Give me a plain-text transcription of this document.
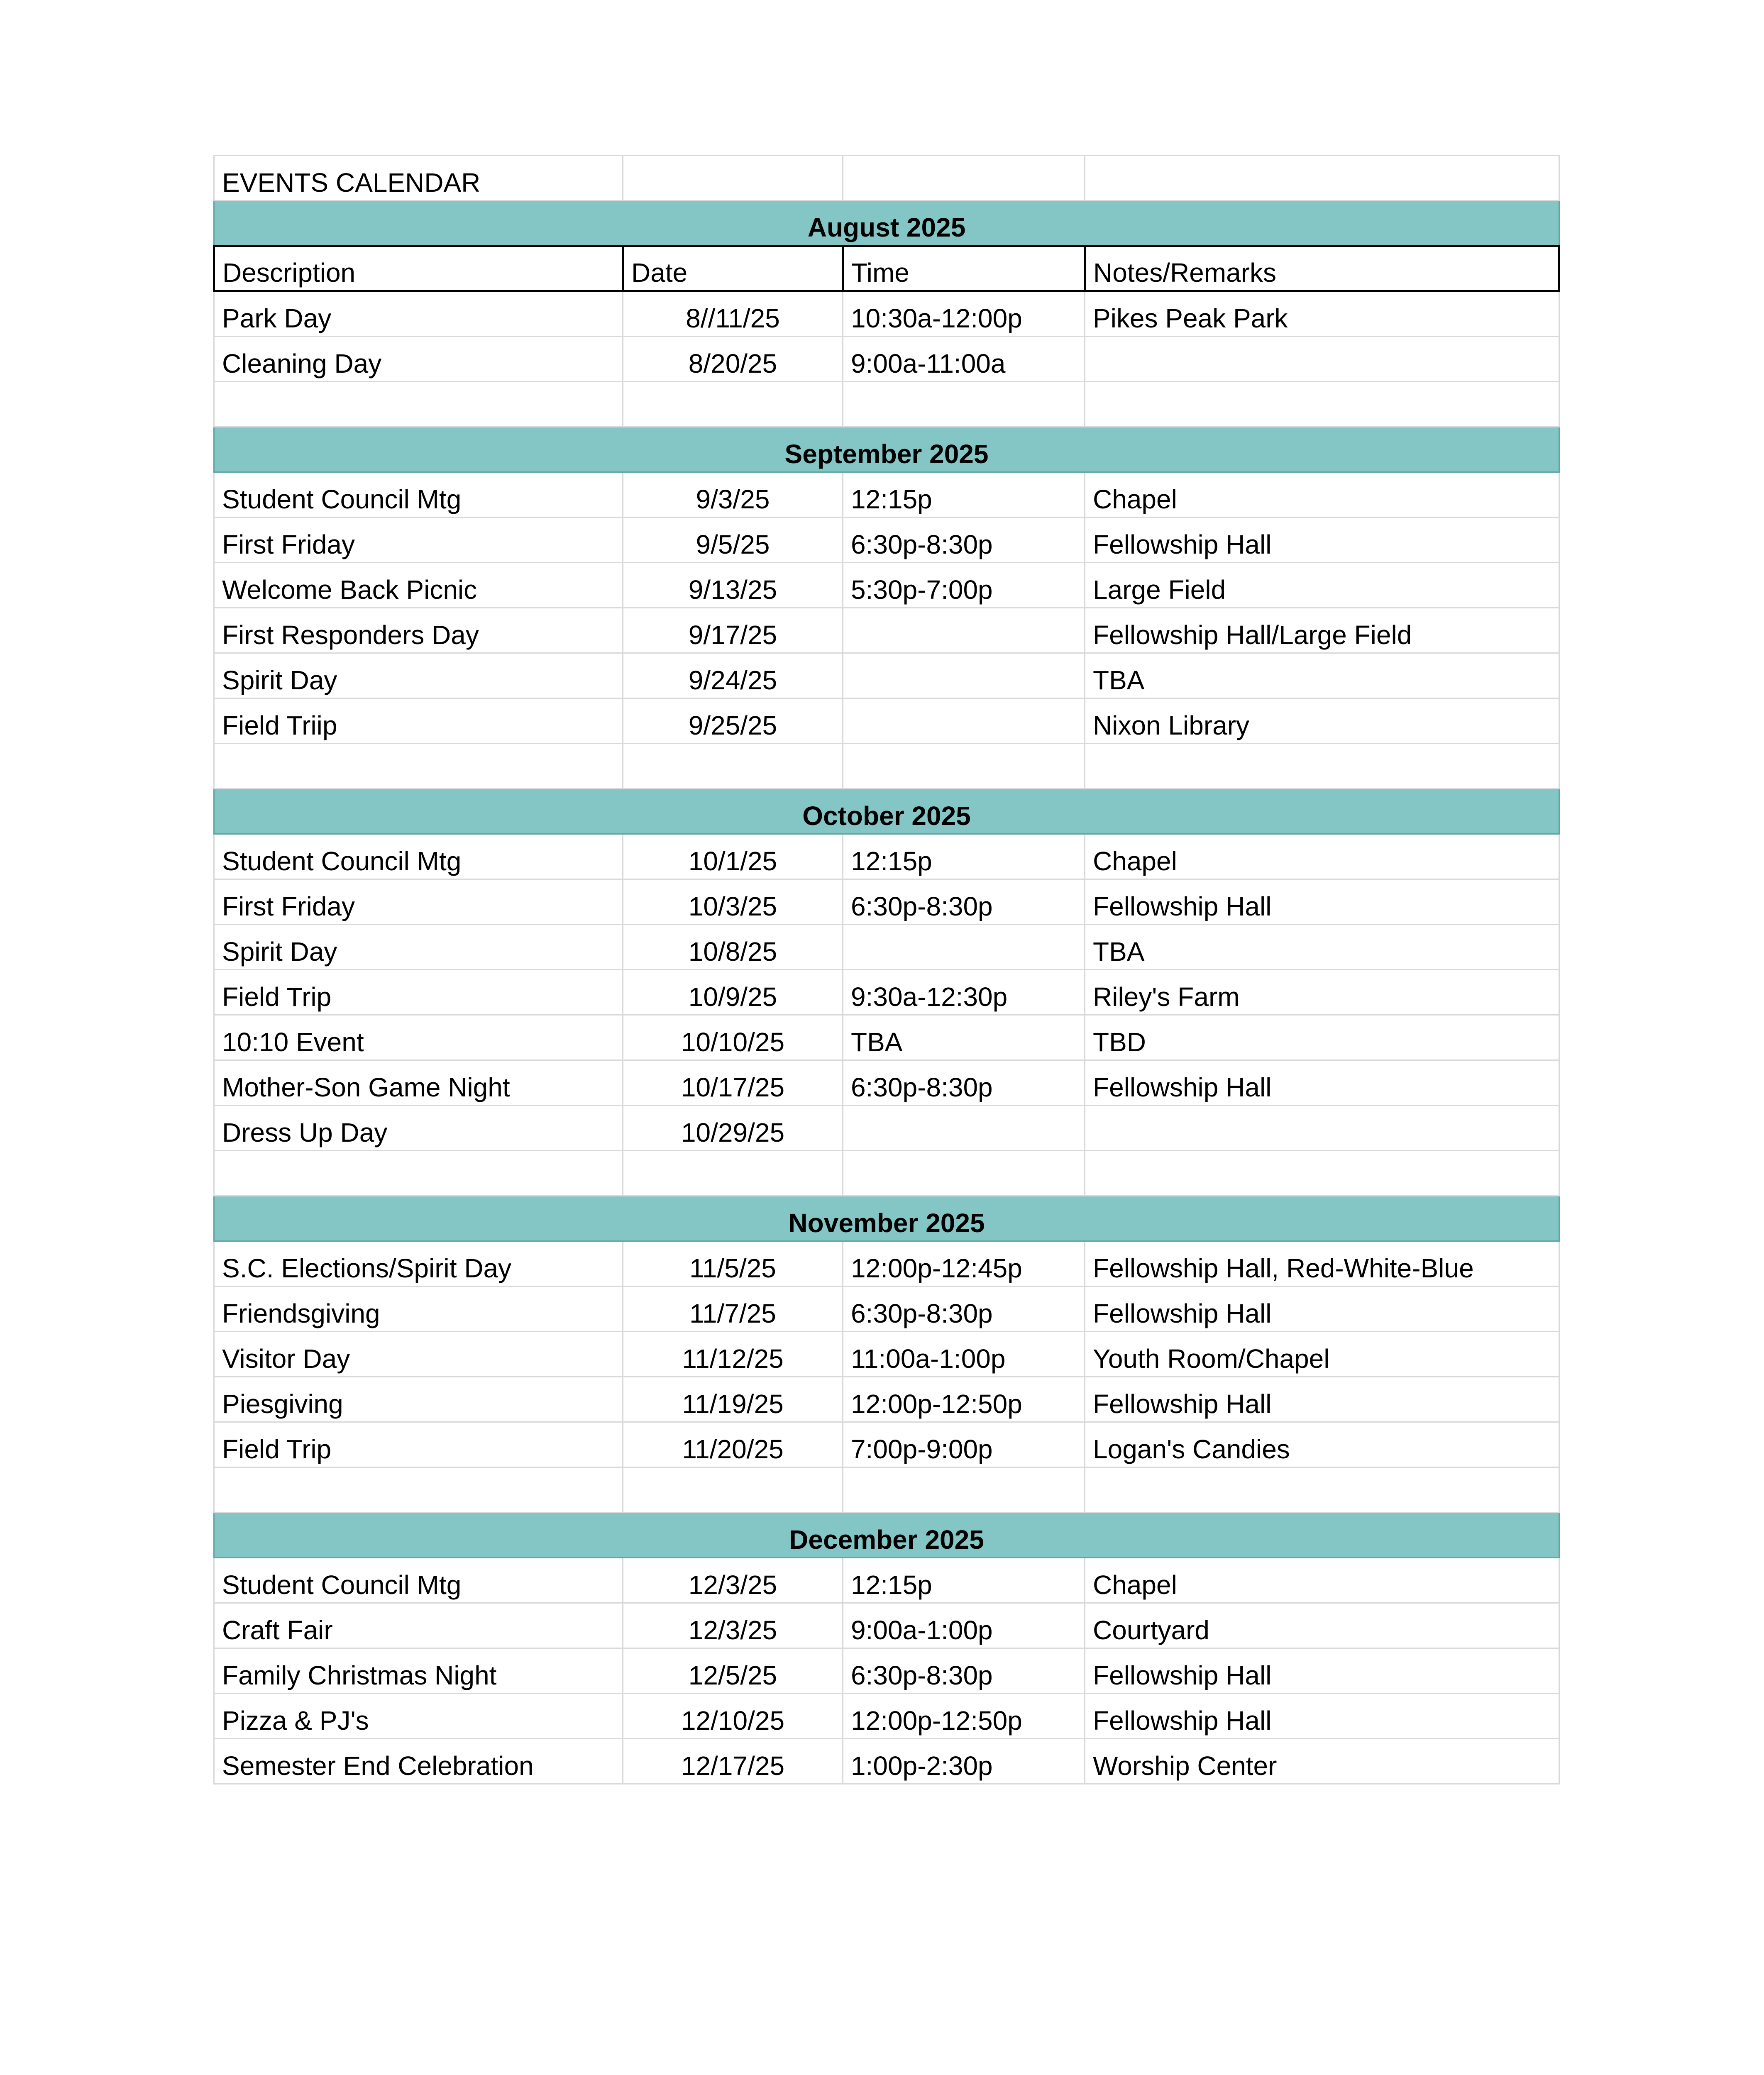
EVENTS CALENDAR			
August 2025			
Description	Date	Time	Notes/Remarks
Park Day	8//11/25	10:30a-12:00p	Pikes Peak Park
Cleaning Day	8/20/25	9:00a-11:00a	

September 2025			
Student Council Mtg	9/3/25	12:15p	Chapel
First Friday	9/5/25	6:30p-8:30p	Fellowship Hall
Welcome Back Picnic	9/13/25	5:30p-7:00p	Large Field
First Responders Day	9/17/25		Fellowship Hall/Large Field
Spirit Day	9/24/25		TBA
Field Triip	9/25/25		Nixon Library

October 2025			
Student Council Mtg	10/1/25	12:15p	Chapel
First Friday	10/3/25	6:30p-8:30p	Fellowship Hall
Spirit Day	10/8/25		TBA
Field Trip	10/9/25	9:30a-12:30p	Riley's Farm
10:10 Event	10/10/25	TBA	TBD
Mother-Son Game Night	10/17/25	6:30p-8:30p	Fellowship Hall
Dress Up Day	10/29/25		

November 2025			
S.C. Elections/Spirit Day	11/5/25	12:00p-12:45p	Fellowship Hall, Red-White-Blue
Friendsgiving	11/7/25	6:30p-8:30p	Fellowship Hall
Visitor Day	11/12/25	11:00a-1:00p	Youth Room/Chapel
Piesgiving	11/19/25	12:00p-12:50p	Fellowship Hall
Field Trip	11/20/25	7:00p-9:00p	Logan's Candies

December 2025			
Student Council Mtg	12/3/25	12:15p	Chapel
Craft Fair	12/3/25	9:00a-1:00p	Courtyard
Family Christmas Night	12/5/25	6:30p-8:30p	Fellowship Hall
Pizza & PJ's	12/10/25	12:00p-12:50p	Fellowship Hall
Semester End Celebration	12/17/25	1:00p-2:30p	Worship Center
